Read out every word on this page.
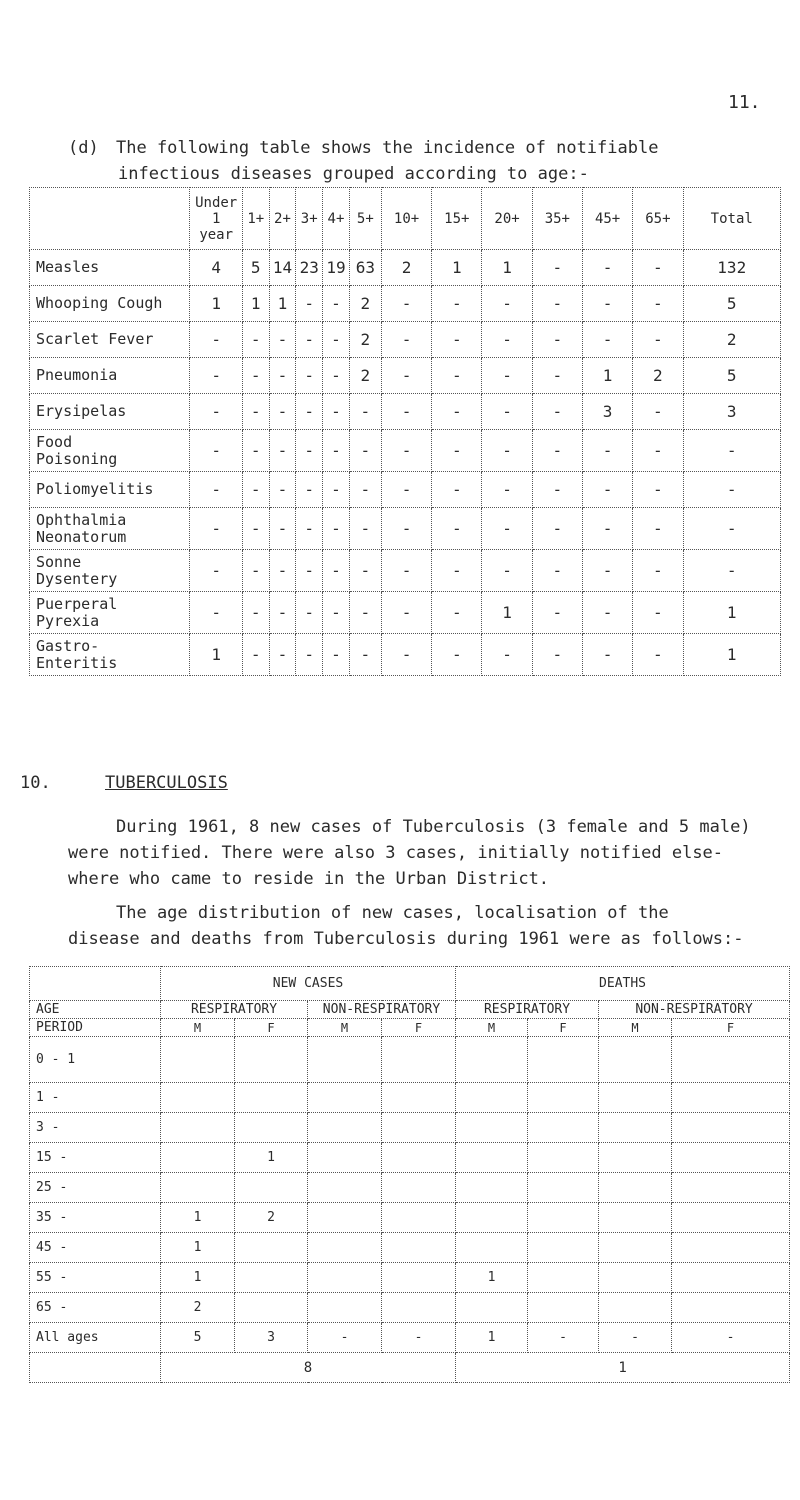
11.

(d) The following table shows the incidence of notifiable
infectious diseases grouped according to age:-

	Under
1
year	1+	2+	3+	4+	5+	10+	15+	20+	35+	45+	65+	Total
Measles	4	5	14	23	19	63	2	1	1	-	-	-	132
Whooping Cough	1	1	1	-	-	2	-	-	-	-	-	-	5
Scarlet Fever	-	-	-	-	-	2	-	-	-	-	-	-	2
Pneumonia	-	-	-	-	-	2	-	-	-	-	1	2	5
Erysipelas	-	-	-	-	-	-	-	-	-	-	3	-	3
Food
Poisoning	-	-	-	-	-	-	-	-	-	-	-	-	-
Poliomyelitis	-	-	-	-	-	-	-	-	-	-	-	-	-
Ophthalmia
Neonatorum	-	-	-	-	-	-	-	-	-	-	-	-	-
Sonne
Dysentery	-	-	-	-	-	-	-	-	-	-	-	-	-
Puerperal
Pyrexia	-	-	-	-	-	-	-	-	1	-	-	-	1
Gastro-
Enteritis	1	-	-	-	-	-	-	-	-	-	-	-	1
10.	TUBERCULOSIS

During 1961, 8 new cases of Tuberculosis (3 female and 5 male)
were notified. There were also 3 cases, initially notified else-
where who came to reside in the Urban District.

The age distribution of new cases, localisation of the
disease and deaths from Tuberculosis during 1961 were as follows:-

	NEW CASES				DEATHS			
AGE	RESPIRATORY		NON-RESPIRATORY		RESPIRATORY		NON-RESPIRATORY	
PERIOD	M	F	M	F	M	F	M	F
0 - 1								
1 -								
3 -								
15 -		1						
25 -								
35 -	1	2						
45 -	1							
55 -	1				1			
65 -	2							
All ages	5	3	-	-	1	-	-	-
	8				1			
